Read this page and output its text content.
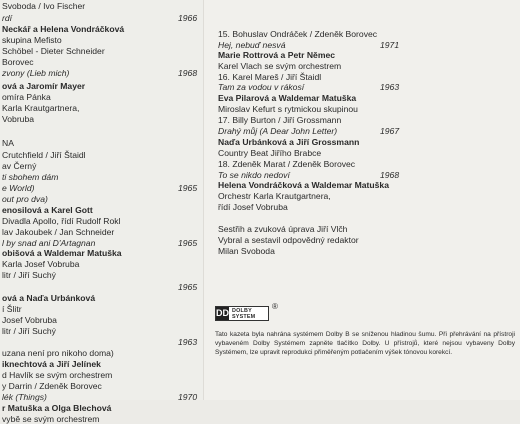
Svoboda / Ivo Fischer
rdí	1966
Neckář a Helena Vondráčková
skupina Mefisto
Schöbel - Dieter Schneider
Borovec
zvony (Lieb mich)	1968
ová a Jaromír Mayer
omíra Pánka
Karla Krautgartnera,
Vobruba
NA
Crutchfield / Jiří Štaidl
av Černý
ti sbohem dám
e World)	1965
out pro dva)
enosilová a Karel Gott
Divadla Apollo, řídí Rudolf Rokl
lav Jakoubek / Jan Schneider
l by snad ani D'Artagnan	1965
obišová a Waldemar Matuška
Karla Josef Vobruba
litr / Jiří Suchý
1965
ová a Naďa Urbánková
í Šlitr
Josef Vobruba
litr / Jiří Suchý
1963
uzana není pro nikoho doma)
iknechtová a Jiří Jelínek
d Havlík se svým orchestrem
y Darrin / Zdeněk Borovec
lék (Things)	1970
r Matuška a Olga Blechová
vybě se svým orchestrem
15. Bohuslav Ondráček / Zdeněk Borovec
Hej, nebuď nesvá	1971
Marie Rottrová a Petr Němec
Karel Vlach se svým orchestrem
16. Karel Mareš / Jiří Štaidl
Tam za vodou v rákosí	1963
Eva Pilarová a Waldemar Matuška
Miroslav Kefurt s rytmickou skupinou
17. Billy Burton / Jiří Grossmann
Drahý můj (A Dear John Letter)	1967
Naďa Urbánková a Jiří Grossmann
Country Beat Jiřího Brabce
18. Zdeněk Marat / Zdeněk Borovec
To se nikdo nedoví	1968
Helena Vondráčková a Waldemar Matuška
Orchestr Karla Krautgartnera,
řídí Josef Vobruba
Sestřih a zvuková úprava Jiří Vlčh
Vybral a sestavil odpovědný redaktor
Milan Svoboda
DD DOLBY SYSTEM
®
Tato kazeta byla nahrána systémem Dolby B se sníženou hladinou šumu. Při přehrávání na přístroji vybaveném Dolby Systémem zapněte tlačítko Dolby. U přístrojů, které nejsou vybaveny Dolby Systémem, lze upravit reprodukci přiměřeným potlačením výšek tónovou korekcí.
